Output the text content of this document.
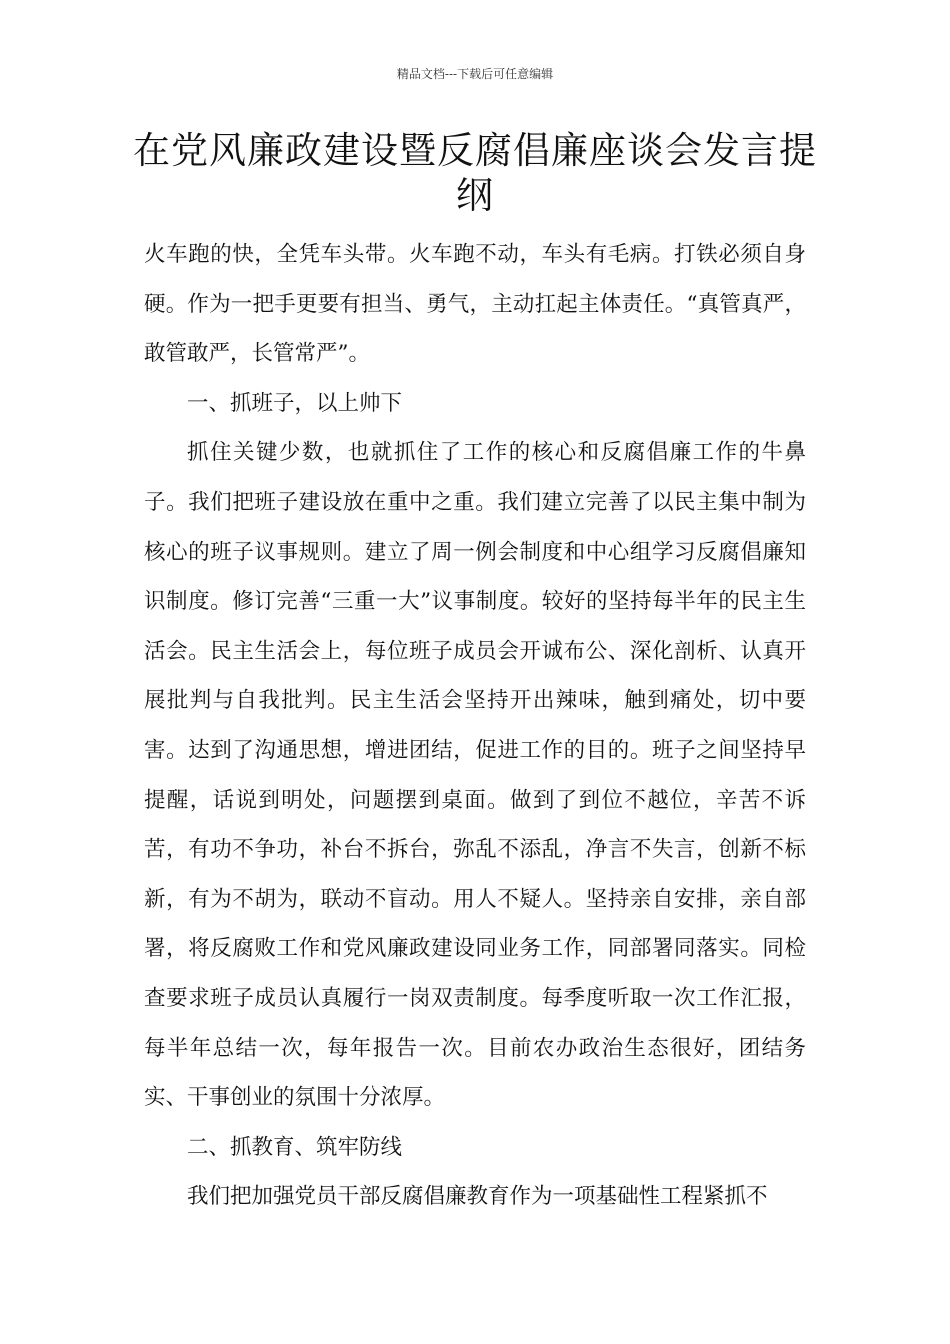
精品文档---下载后可任意编辑
在党风廉政建设暨反腐倡廉座谈会发言提纲

火车跑的快，全凭车头带。火车跑不动，车头有毛病。打铁必须自身硬。作为一把手更要有担当、勇气，主动扛起主体责任。“真管真严，敢管敢严，长管常严”。

一、抓班子，以上帅下

抓住关键少数，也就抓住了工作的核心和反腐倡廉工作的牛鼻子。我们把班子建设放在重中之重。我们建立完善了以民主集中制为核心的班子议事规则。建立了周一例会制度和中心组学习反腐倡廉知识制度。修订完善“三重一大”议事制度。较好的坚持每半年的民主生活会。民主生活会上，每位班子成员会开诚布公、深化剖析、认真开展批判与自我批判。民主生活会坚持开出辣味，触到痛处，切中要害。达到了沟通思想，增进团结，促进工作的目的。班子之间坚持早提醒，话说到明处，问题摆到桌面。做到了到位不越位，辛苦不诉苦，有功不争功，补台不拆台，弥乱不添乱，净言不失言，创新不标新，有为不胡为，联动不盲动。用人不疑人。坚持亲自安排，亲自部署，将反腐败工作和党风廉政建设同业务工作，同部署同落实。同检查要求班子成员认真履行一岗双责制度。每季度听取一次工作汇报，每半年总结一次，每年报告一次。目前农办政治生态很好，团结务实、干事创业的氛围十分浓厚。

二、抓教育、筑牢防线

我们把加强党员干部反腐倡廉教育作为一项基础性工程紧抓不
